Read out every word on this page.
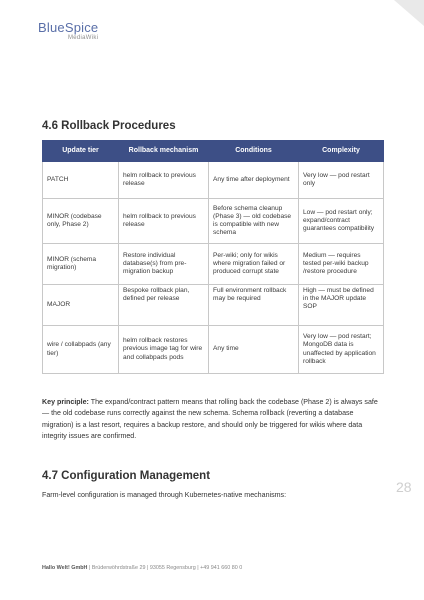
BlueSpice
MediaWiki
4.6 Rollback Procedures
Update tier	Rollback mechanism	Conditions	Complexity
PATCH	helm rollback to previous release	Any time after deployment	Very low — pod restart only
MINOR (codebase only, Phase 2)	helm rollback to previous release	Before schema cleanup (Phase 3) — old codebase is compatible with new schema	Low — pod restart only; expand/contract guarantees compatibility
MINOR (schema migration)	Restore individual database(s) from pre-migration backup	Per-wiki; only for wikis where migration failed or produced corrupt state	Medium — requires tested per-wiki backup /restore procedure
MAJOR	Bespoke rollback plan, defined per release	Full environment rollback may be required	High — must be defined in the MAJOR update SOP
wire / collabpads (any tier)	helm rollback restores previous image tag for wire and collabpads pods	Any time	Very low — pod restart; MongoDB data is unaffected by application rollback

Key principle: The expand/contract pattern means that rolling back the codebase (Phase 2) is always safe — the old codebase runs correctly against the new schema. Schema rollback (reverting a database migration) is a last resort, requires a backup restore, and should only be triggered for wikis where data integrity issues are confirmed.

4.7 Configuration Management

Farm-level configuration is managed through Kubernetes-native mechanisms:	28
Hallo Welt! GmbH | Brüderwöhrdstraße 29 | 93055 Regensburg | +49 941 660 80 0
